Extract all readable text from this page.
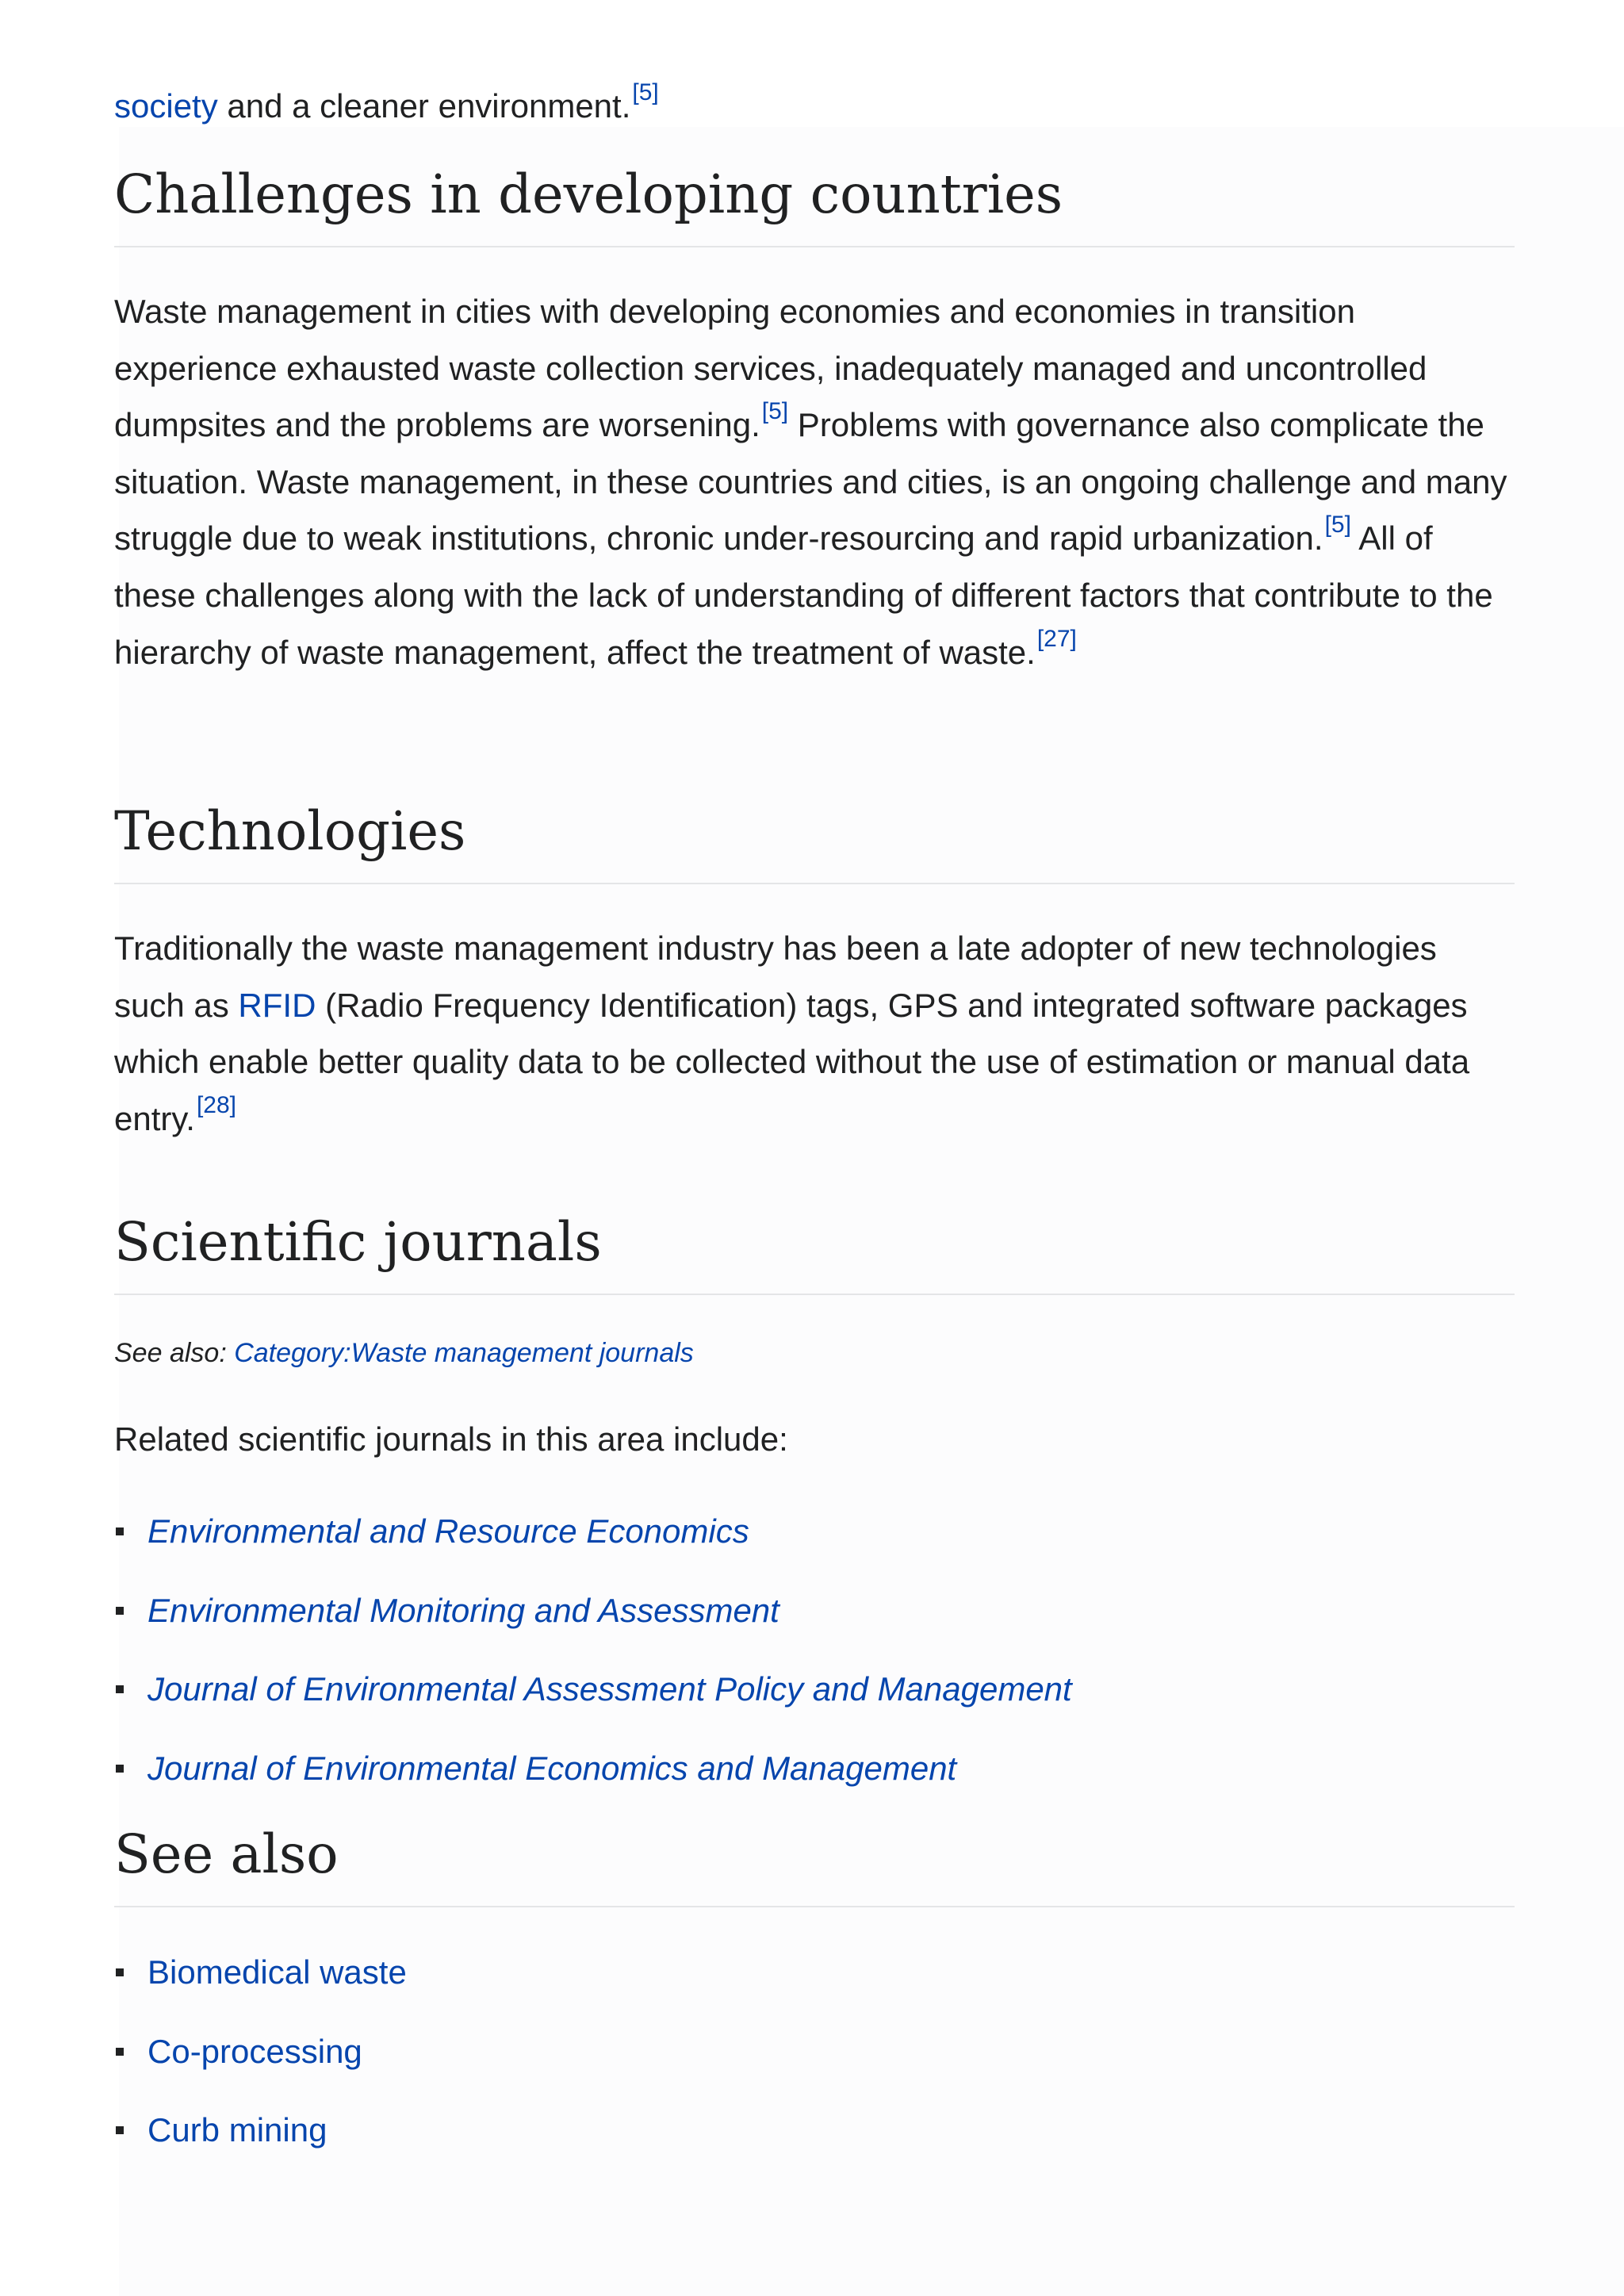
society and a cleaner environment.[5]

Challenges in developing countries

Waste management in cities with developing economies and economies in transition experience exhausted waste collection services, inadequately managed and uncontrolled dumpsites and the problems are worsening.[5] Problems with governance also complicate the situation. Waste management, in these countries and cities, is an ongoing challenge and many struggle due to weak institutions, chronic under-resourcing and rapid urbanization.[5] All of these challenges along with the lack of understanding of different factors that contribute to the hierarchy of waste management, affect the treatment of waste.[27]

Technologies

Traditionally the waste management industry has been a late adopter of new technologies such as RFID (Radio Frequency Identification) tags, GPS and integrated software packages which enable better quality data to be collected without the use of estimation or manual data entry.[28]

Scientific journals

See also: Category:Waste management journals

Related scientific journals in this area include:

Environmental and Resource Economics
Environmental Monitoring and Assessment
Journal of Environmental Assessment Policy and Management
Journal of Environmental Economics and Management
See also
Biomedical waste
Co-processing
Curb mining
